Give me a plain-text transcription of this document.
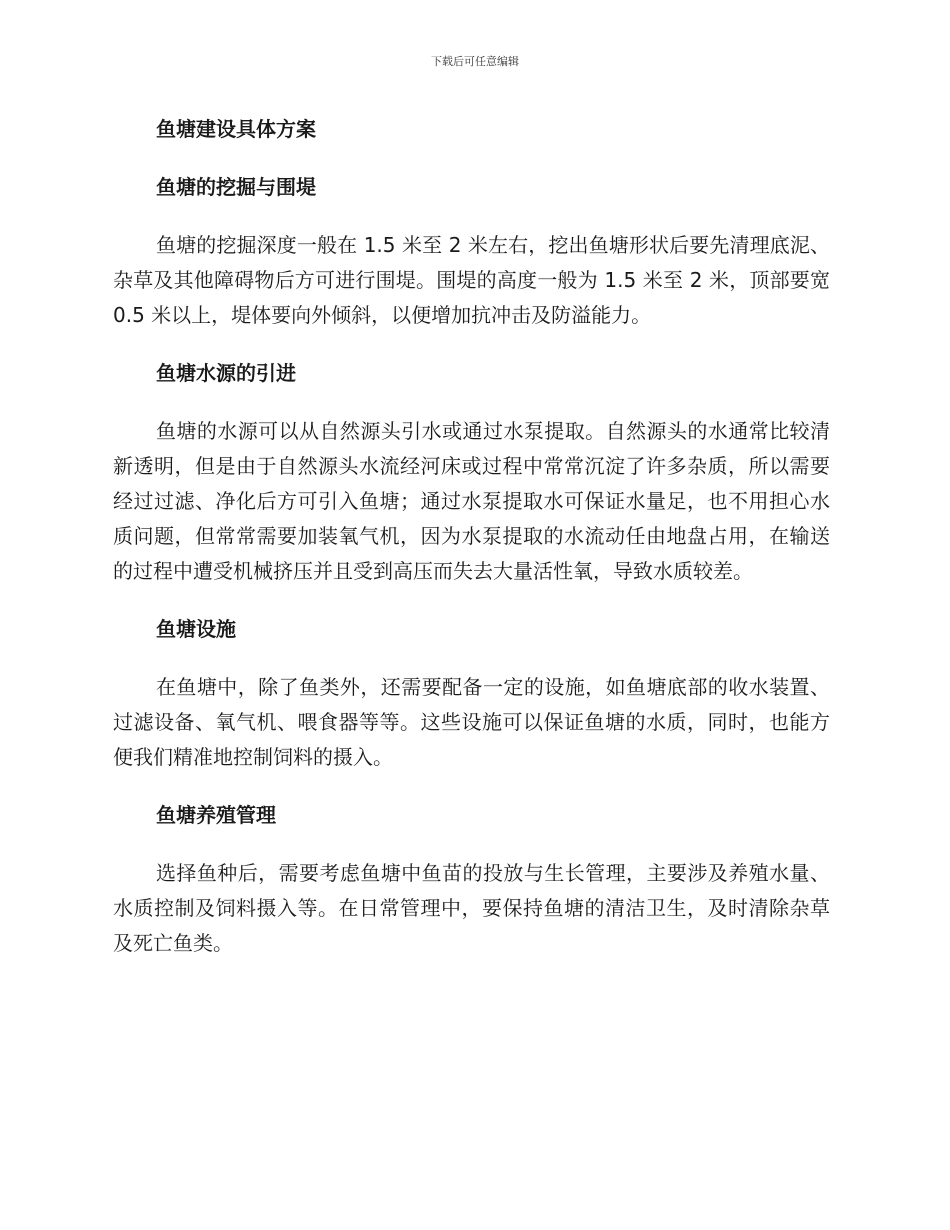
下载后可任意编辑
鱼塘建设具体方案
鱼塘的挖掘与围堤
鱼塘的挖掘深度一般在 1.5 米至 2 米左右，挖出鱼塘形状后要先清理底泥、杂草及其他障碍物后方可进行围堤。围堤的高度一般为 1.5 米至 2 米，顶部要宽 0.5 米以上，堤体要向外倾斜，以便增加抗冲击及防溢能力。
鱼塘水源的引进
鱼塘的水源可以从自然源头引水或通过水泵提取。自然源头的水通常比较清新透明，但是由于自然源头水流经河床或过程中常常沉淀了许多杂质，所以需要经过过滤、净化后方可引入鱼塘；通过水泵提取水可保证水量足，也不用担心水质问题，但常常需要加装氧气机，因为水泵提取的水流动任由地盘占用，在输送的过程中遭受机械挤压并且受到高压而失去大量活性氧，导致水质较差。
鱼塘设施
在鱼塘中，除了鱼类外，还需要配备一定的设施，如鱼塘底部的收水装置、过滤设备、氧气机、喂食器等等。这些设施可以保证鱼塘的水质，同时，也能方便我们精准地控制饲料的摄入。
鱼塘养殖管理
选择鱼种后，需要考虑鱼塘中鱼苗的投放与生长管理，主要涉及养殖水量、水质控制及饲料摄入等。在日常管理中，要保持鱼塘的清洁卫生，及时清除杂草及死亡鱼类。
